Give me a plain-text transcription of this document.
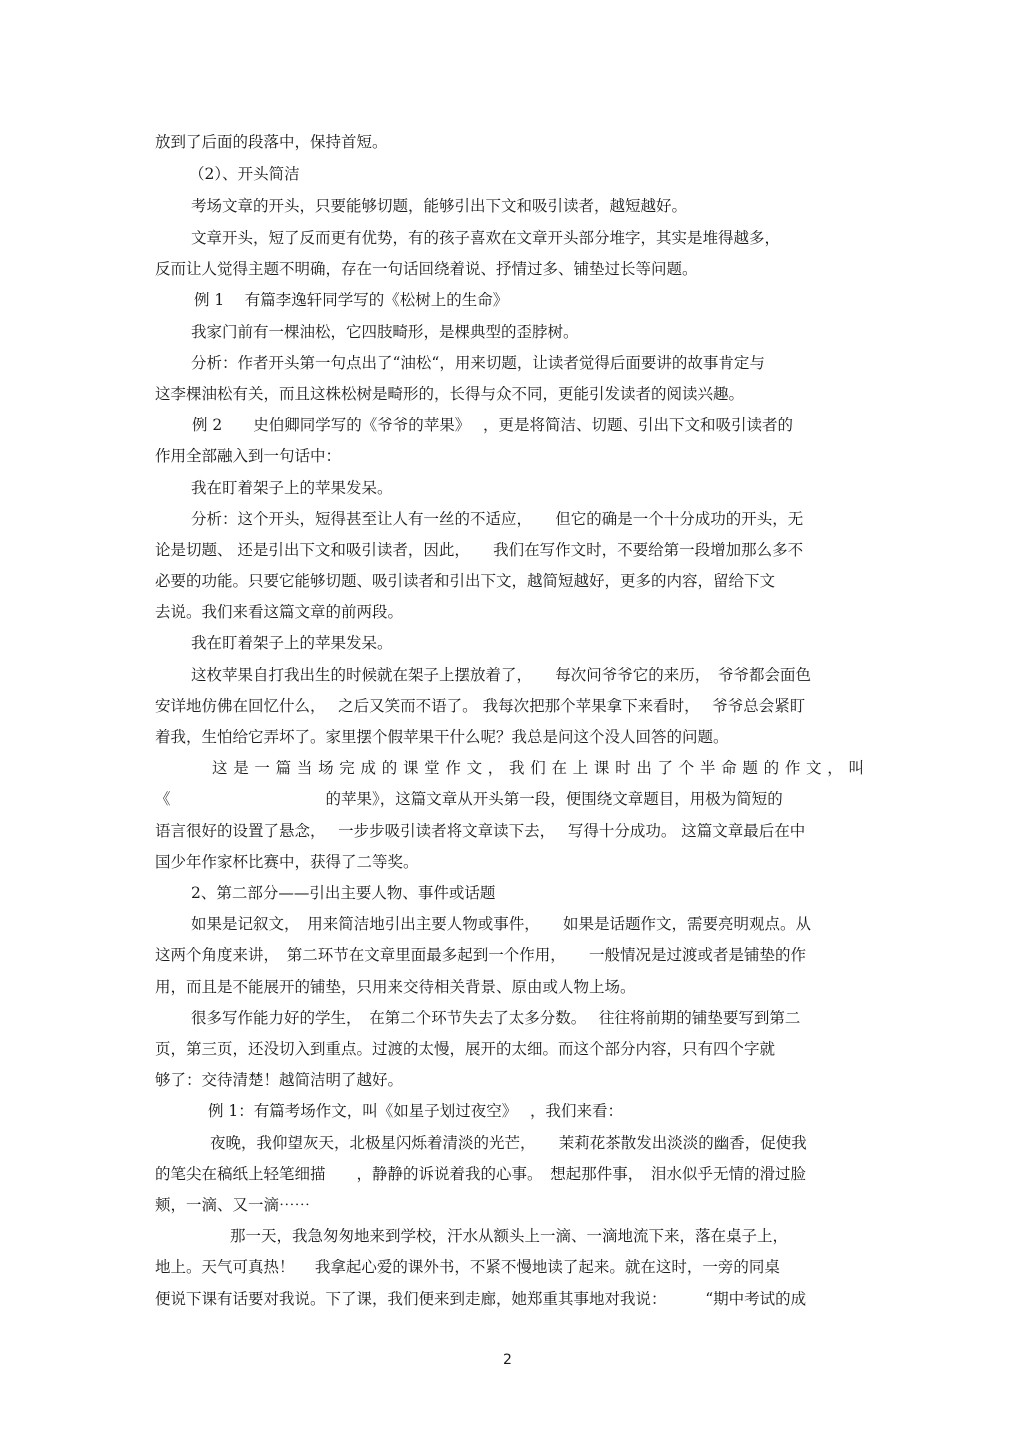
放到了后面的段落中，保持首短。
（2）、开头简洁
考场文章的开头，只要能够切题，能够引出下文和吸引读者，越短越好。
文章开头，短了反而更有优势，有的孩子喜欢在文章开头部分堆字，其实是堆得越多，
反而让人觉得主题不明确，存在一句话回绕着说、抒情过多、铺垫过长等问题。
例 1　 有篇李逸轩同学写的《松树上的生命》
我家门前有一棵油松，它四肢畸形，是棵典型的歪脖树。
分析：作者开头第一句点出了“油松“，用来切题，让读者觉得后面要讲的故事肯定与
这李棵油松有关，而且这株松树是畸形的，长得与众不同，更能引发读者的阅读兴趣。
例 2　　史伯卿同学写的《爷爷的苹果》　 ，更是将简洁、切题、引出下文和吸引读者的
作用全部融入到一句话中：
我在盯着架子上的苹果发呆。
分析：这个开头，短得甚至让人有一丝的不适应，　　但它的确是一个十分成功的开头，无
论是切题、 还是引出下文和吸引读者，因此，　　我们在写作文时，不要给第一段增加那么多不
必要的功能。只要它能够切题、吸引读者和引出下文，越简短越好，更多的内容，留给下文
去说。我们来看这篇文章的前两段。
我在盯着架子上的苹果发呆。
这枚苹果自打我出生的时候就在架子上摆放着了，　　每次问爷爷它的来历，　爷爷都会面色
安详地仿佛在回忆什么，　 之后又笑而不语了。 我每次把那个苹果拿下来看时，　 爷爷总会紧盯
着我，生怕给它弄坏了。家里摆个假苹果干什么呢？我总是问这个没人回答的问题。
这是一篇当场完成的课堂作文，我们在上课时出了个半命题的作文，叫
《　　　　　　　　　　的苹果》，这篇文章从开头第一段，便围绕文章题目，用极为简短的
语言很好的设置了悬念，　 一步步吸引读者将文章读下去，　 写得十分成功。 这篇文章最后在中
国少年作家杯比赛中，获得了二等奖。
2、第二部分——引出主要人物、事件或话题
如果是记叙文，　用来简洁地引出主要人物或事件，　　如果是话题作文，需要亮明观点。从
这两个角度来讲，　第二环节在文章里面最多起到一个作用，　　一般情况是过渡或者是铺垫的作
用，而且是不能展开的铺垫，只用来交待相关背景、原由或人物上场。
很多写作能力好的学生，　在第二个环节失去了太多分数。　 往往将前期的铺垫要写到第二
页，第三页，还没切入到重点。过渡的太慢，展开的太细。而这个部分内容，只有四个字就
够了：交待清楚！越简洁明了越好。
例 1：有篇考场作文，叫《如星子划过夜空》　 ，我们来看：
夜晚，我仰望灰天，北极星闪烁着清淡的光芒，　　茉莉花茶散发出淡淡的幽香，促使我
的笔尖在稿纸上轻笔细描　　，静静的诉说着我的心事。　想起那件事，　泪水似乎无情的滑过脸
颊，一滴、又一滴⋯⋯
那一天，我急匆匆地来到学校，汗水从额头上一滴、一滴地流下来，落在桌子上，
地上。天气可真热！　 我拿起心爱的课外书，不紧不慢地读了起来。就在这时，一旁的同桌
便说下课有话要对我说。下了课，我们便来到走廊，她郑重其事地对我说：　　　“期中考试的成
2
